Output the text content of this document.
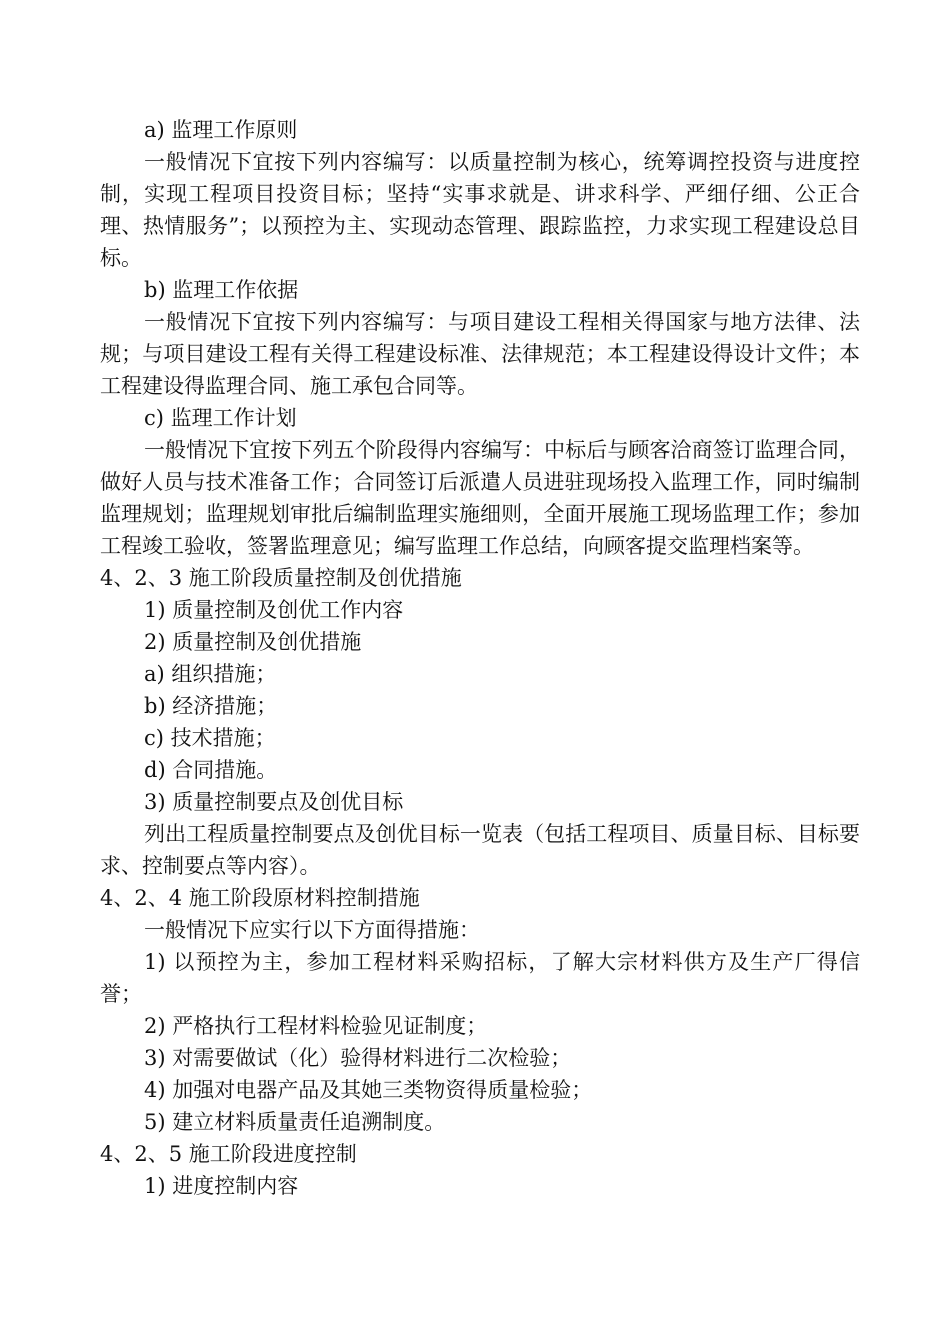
a) 监理工作原则

一般情况下宜按下列内容编写：以质量控制为核心，统筹调控投资与进度控制，实现工程项目投资目标；坚持“实事求就是、讲求科学、严细仔细、公正合理、热情服务”；以预控为主、实现动态管理、跟踪监控，力求实现工程建设总目标。

b) 监理工作依据

一般情况下宜按下列内容编写：与项目建设工程相关得国家与地方法律、法规；与项目建设工程有关得工程建设标准、法律规范；本工程建设得设计文件；本工程建设得监理合同、施工承包合同等。

c) 监理工作计划

一般情况下宜按下列五个阶段得内容编写：中标后与顾客洽商签订监理合同，做好人员与技术准备工作；合同签订后派遣人员进驻现场投入监理工作，同时编制监理规划；监理规划审批后编制监理实施细则，全面开展施工现场监理工作；参加工程竣工验收，签署监理意见；编写监理工作总结，向顾客提交监理档案等。

4、2、3 施工阶段质量控制及创优措施

1) 质量控制及创优工作内容

2) 质量控制及创优措施

a) 组织措施；

b) 经济措施；

c) 技术措施；

d) 合同措施。

3) 质量控制要点及创优目标

列出工程质量控制要点及创优目标一览表（包括工程项目、质量目标、目标要求、控制要点等内容）。

4、2、4 施工阶段原材料控制措施

一般情况下应实行以下方面得措施：

1) 以预控为主，参加工程材料采购招标，了解大宗材料供方及生产厂得信誉；

2) 严格执行工程材料检验见证制度；

3) 对需要做试（化）验得材料进行二次检验；

4) 加强对电器产品及其她三类物资得质量检验；

5) 建立材料质量责任追溯制度。

4、2、5 施工阶段进度控制

1) 进度控制内容
